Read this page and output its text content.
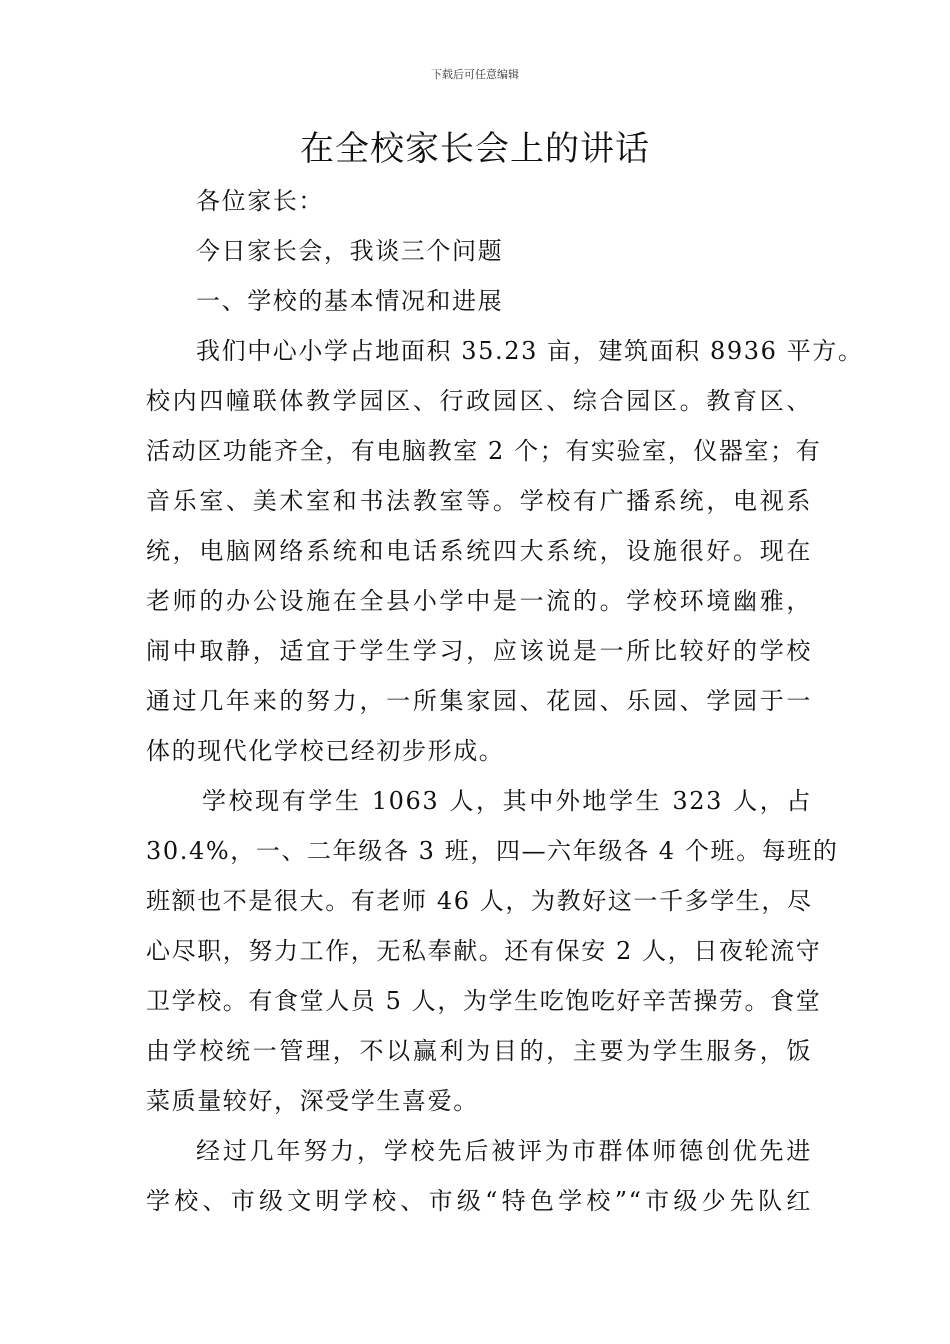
下载后可任意编辑
在全校家长会上的讲话

各位家长：

今日家长会，我谈三个问题

一、学校的基本情况和进展

我们中心小学占地面积 35.23 亩，建筑面积 8936 平方。

校内四幢联体教学园区、行政园区、综合园区。教育区、

活动区功能齐全，有电脑教室 2 个；有实验室，仪器室；有

音乐室、美术室和书法教室等。学校有广播系统，电视系

统，电脑网络系统和电话系统四大系统，设施很好。现在

老师的办公设施在全县小学中是一流的。学校环境幽雅，

闹中取静，适宜于学生学习，应该说是一所比较好的学校

通过几年来的努力，一所集家园、花园、乐园、学园于一

体的现代化学校已经初步形成。

学校现有学生 1063 人，其中外地学生 323 人，占

30.4%，一、二年级各 3 班，四—六年级各 4 个班。每班的

班额也不是很大。有老师 46 人，为教好这一千多学生，尽

心尽职，努力工作，无私奉献。还有保安 2 人，日夜轮流守

卫学校。有食堂人员 5 人，为学生吃饱吃好辛苦操劳。食堂

由学校统一管理，不以赢利为目的，主要为学生服务，饭

菜质量较好，深受学生喜爱。

经过几年努力，学校先后被评为市群体师德创优先进

学校、市级文明学校、市级“特色学校”“市级少先队红
